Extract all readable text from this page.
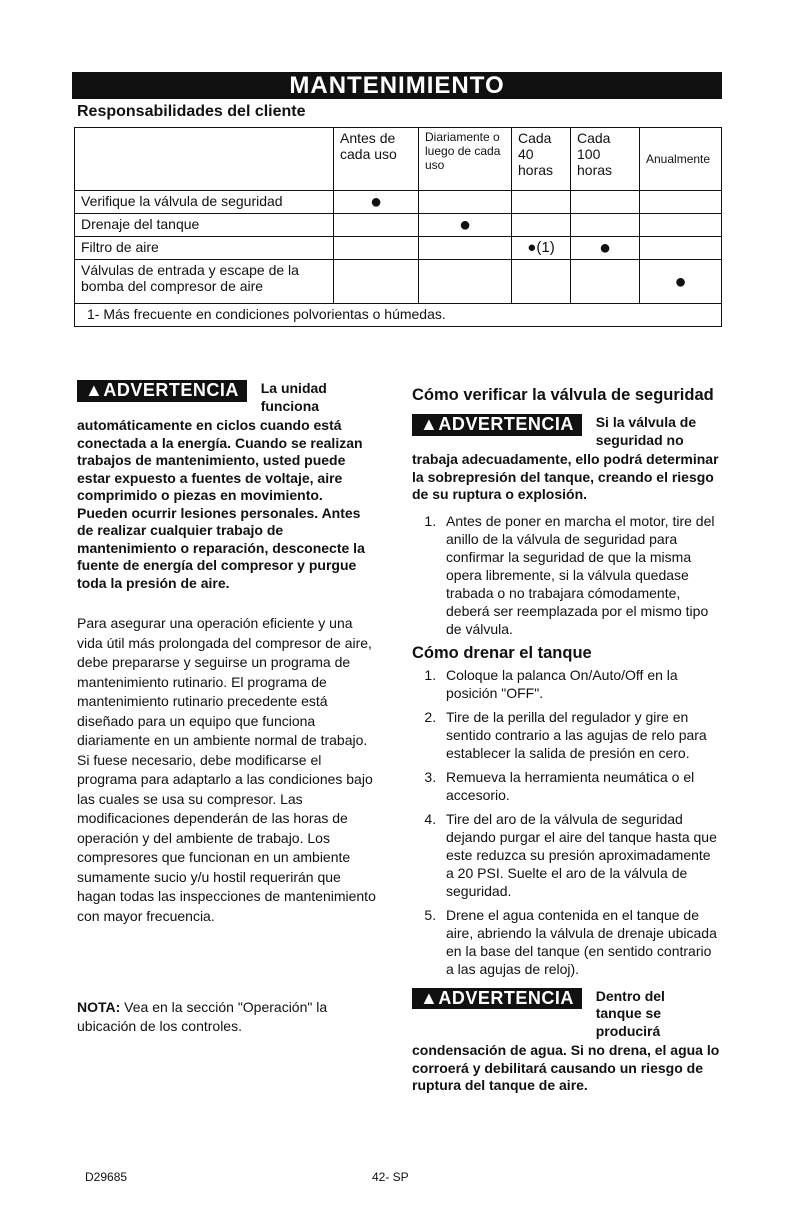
MANTENIMIENTO
Responsabilidades del cliente
	Antes de cada uso	Diariamente o luego de cada uso	Cada 40 horas	Cada 100 horas	Anualmente
Verifique la válvula de seguridad	●				
Drenaje del tanque		●			
Filtro de aire			●(1)	●	
Válvulas de entrada y escape de la bomba del compresor de aire					●
1- Más frecuente en condiciones polvorientas o húmedas.					
▲ADVERTENCIA La unidad funciona
automáticamente en ciclos cuando está conectada a la energía. Cuando se realizan trabajos de mantenimiento, usted puede estar expuesto a fuentes de voltaje, aire comprimido o piezas en movimiento. Pueden ocurrir lesiones personales. Antes de realizar cualquier trabajo de mantenimiento o reparación, desconecte la fuente de energía del compresor y purgue toda la presión de aire.

Para asegurar una operación eficiente y una vida útil más prolongada del compresor de aire, debe prepararse y seguirse un programa de mantenimiento rutinario. El programa de mantenimiento rutinario precedente está diseñado para un equipo que funciona diariamente en un ambiente normal de trabajo. Si fuese necesario, debe modificarse el programa para adaptarlo a las condiciones bajo las cuales se usa su compresor. Las modificaciones dependerán de las horas de operación y del ambiente de trabajo. Los compresores que funcionan en un ambiente sumamente sucio y/u hostil requerirán que hagan todas las inspecciones de mantenimiento con mayor frecuencia.

NOTA: Vea en la sección "Operación" la ubicación de los controles.

Cómo verificar la válvula de seguridad
▲ADVERTENCIA Si la válvula de seguridad no
trabaja adecuadamente, ello podrá determinar la sobrepresión del tanque, creando el riesgo de su ruptura o explosión.
1. Antes de poner en marcha el motor, tire del anillo de la válvula de seguridad para confirmar la seguridad de que la misma opera libremente, si la válvula quedase trabada o no trabajara cómodamente, deberá ser reemplazada por el mismo tipo de válvula.
Cómo drenar el tanque
1. Coloque la palanca On/Auto/Off en la posición "OFF".
2. Tire de la perilla del regulador y gire en sentido contrario a las agujas de relo para establecer la salida de presión en cero.
3. Remueva la herramienta neumática o el accesorio.
4. Tire del aro de la válvula de seguridad dejando purgar el aire del tanque hasta que este reduzca su presión aproximadamente a 20 PSI. Suelte el aro de la válvula de seguridad.
5. Drene el agua contenida en el tanque de aire, abriendo la válvula de drenaje ubicada en la base del tanque (en sentido contrario a las agujas de reloj).
▲ADVERTENCIA Dentro del tanque se producirá
condensación de agua. Si no drena, el agua lo corroerá y debilitará causando un riesgo de ruptura del tanque de aire.
D29685	42- SP
